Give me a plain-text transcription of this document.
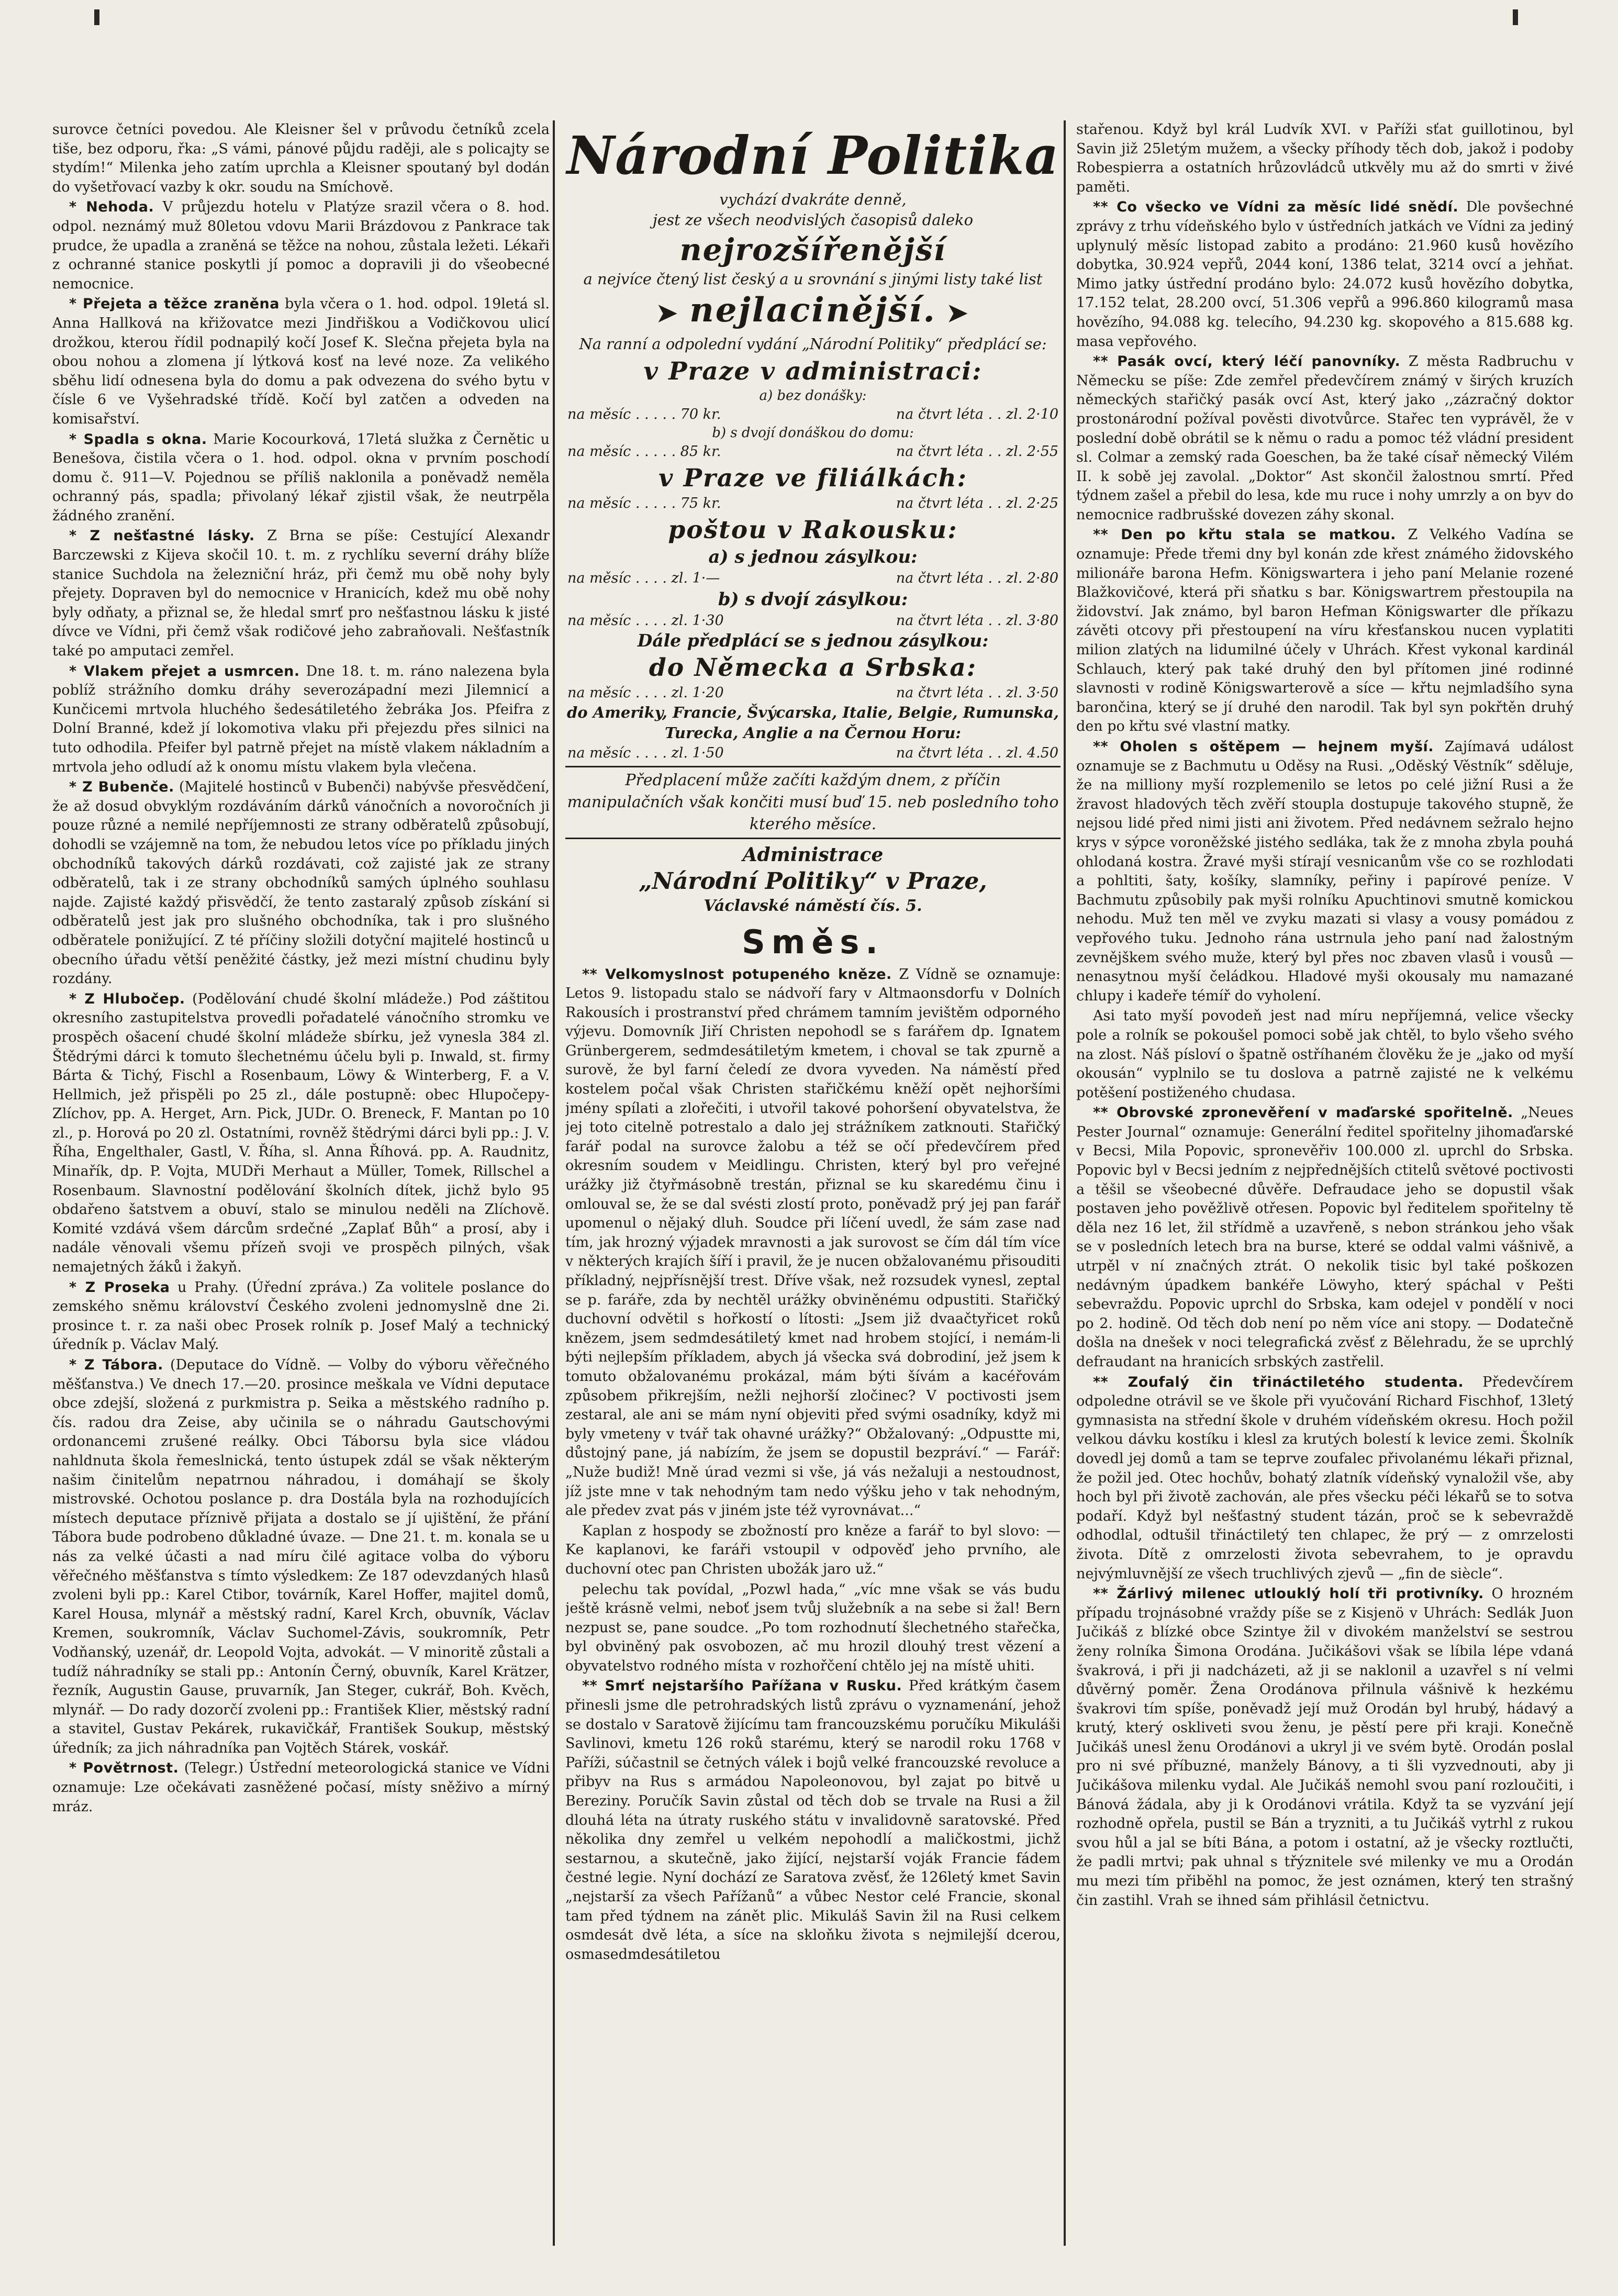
surovce četníci povedou. Ale Kleisner šel v průvodu četníků zcela tiše, bez odporu, řka: „S vámi, pánové půjdu raději, ale s policajty se stydím!“ Milenka jeho zatím uprchla a Kleisner spoutaný byl dodán do vyšetřovací vazby k okr. soudu na Smíchově.

* Nehoda. V průjezdu hotelu v Platýze srazil včera o 8. hod. odpol. neznámý muž 80letou vdovu Marii Brázdovou z Pankrace tak prudce, že upadla a zraněná se těžce na nohou, zůstala ležeti. Lékaři z ochranné stanice poskytli jí pomoc a dopravili ji do všeobecné nemocnice.

* Přejeta a těžce zraněna byla včera o 1. hod. odpol. 19letá sl. Anna Hallková na křižovatce mezi Jindřiškou a Vodičkovou ulicí drožkou, kterou řídil podnapilý kočí Josef K. Slečna přejeta byla na obou nohou a zlomena jí lýtková kosť na levé noze. Za velikého sběhu lidí odnesena byla do domu a pak odvezena do svého bytu v čísle 6 ve Vyšehradské třídě. Kočí byl zatčen a odveden na komisařství.

* Spadla s okna. Marie Kocourková, 17letá služka z Černětic u Benešova, čistila včera o 1. hod. odpol. okna v prvním poschodí domu č. 911—V. Pojednou se příliš naklonila a poněvadž neměla ochranný pás, spadla; přivolaný lékař zjistil však, že neutrpěla žádného zranění.

* Z nešťastné lásky. Z Brna se píše: Cestující Alexandr Barczewski z Kijeva skočil 10. t. m. z rychlíku severní dráhy blíže stanice Suchdola na železniční hráz, při čemž mu obě nohy byly přejety. Dopraven byl do nemocnice v Hranicích, kdež mu obě nohy byly odňaty, a přiznal se, že hledal smrť pro nešťastnou lásku k jisté dívce ve Vídni, při čemž však rodičové jeho zabraňovali. Nešťastník také po amputaci zemřel.

* Vlakem přejet a usmrcen. Dne 18. t. m. ráno nalezena byla poblíž strážního domku dráhy severozápadní mezi Jilemnicí a Kunčicemi mrtvola hluchého šedesátiletého žebráka Jos. Pfeifra z Dolní Branné, kdež jí lokomotiva vlaku při přejezdu přes silnici na tuto odhodila. Pfeifer byl patrně přejet na místě vlakem nákladním a mrtvola jeho odludí až k onomu místu vlakem byla vlečena.

* Z Bubenče. (Majitelé hostinců v Bubenči) nabývše přesvědčení, že až dosud obvyklým rozdáváním dárků vánočních a novoročních ji pouze různé a nemilé nepříjemnosti ze strany odběratelů způsobují, dohodli se vzájemně na tom, že nebudou letos více po příkladu jiných obchodníků takových dárků rozdávati, což zajisté jak ze strany odběratelů, tak i ze strany obchodníků samých úplného souhlasu najde. Zajisté každý přisvědčí, že tento zastaralý způsob získání si odběratelů jest jak pro slušného obchodníka, tak i pro slušného odběratele ponižující. Z té příčiny složili dotyční majitelé hostinců u obecního úřadu větší peněžité částky, jež mezi místní chudinu byly rozdány.

* Z Hlubočep. (Podělování chudé školní mládeže.) Pod záštitou okresního zastupitelstva provedli pořadatelé vánočního stromku ve prospěch ošacení chudé školní mládeže sbírku, jež vynesla 384 zl. Štědrými dárci k tomuto šlechetnému účelu byli p. Inwald, st. firmy Bárta & Tichý, Fischl a Rosenbaum, Löwy & Winterberg, F. a V. Hellmich, jež přispěli po 25 zl., dále postupně: obec Hlupočepy-Zlíchov, pp. A. Herget, Arn. Pick, JUDr. O. Breneck, F. Mantan po 10 zl., p. Horová po 20 zl. Ostatními, rovněž štědrými dárci byli pp.: J. V. Říha, Engelthaler, Gastl, V. Říha, sl. Anna Říhová. pp. A. Raudnitz, Minařík, dp. P. Vojta, MUDři Merhaut a Müller, Tomek, Rillschel a Rosenbaum. Slavnostní podělování školních dítek, jichž bylo 95 obdařeno šatstvem a obuví, stalo se minulou neděli na Zlíchově. Komité vzdává všem dárcům srdečné „Zaplať Bůh“ a prosí, aby i nadále věnovali všemu přízeň svoji ve prospěch pilných, však nemajetných žáků i žakyň.

* Z Proseka u Prahy. (Úřední zpráva.) Za volitele poslance do zemského sněmu království Českého zvoleni jednomyslně dne 2i. prosince t. r. za naši obec Prosek rolník p. Josef Malý a technický úředník p. Václav Malý.

* Z Tábora. (Deputace do Vídně. — Volby do výboru věřečného měšťanstva.) Ve dnech 17.—20. prosince meškala ve Vídni deputace obce zdejší, složená z purkmistra p. Seika a městského radního p. čís. radou dra Zeise, aby učinila se o náhradu Gautschovými ordonancemi zrušené reálky. Obci Táborsu byla sice vládou nahldnuta škola řemeslnická, tento ústupek zdál se však některým našim činitelům nepatrnou náhradou, i domáhají se školy mistrovské. Ochotou poslance p. dra Dostála byla na rozhodujících místech deputace příznivě přijata a dostalo se jí ujištění, že přání Tábora bude podrobeno důkladné úvaze. — Dne 21. t. m. konala se u nás za velké účasti a nad míru čilé agitace volba do výboru věřečného měšťanstva s tímto výsledkem: Ze 187 odevzdaných hlasů zvoleni byli pp.: Karel Ctibor, továrník, Karel Hoffer, majitel domů, Karel Housa, mlynář a městský radní, Karel Krch, obuvník, Václav Kremen, soukromník, Václav Suchomel-Závis, soukromník, Petr Vodňanský, uzenář, dr. Leopold Vojta, advokát. — V minoritě zůstali a tudíž náhradníky se stali pp.: Antonín Černý, obuvník, Karel Krätzer, řezník, Augustin Gause, pruvarník, Jan Steger, cukrář, Boh. Kvěch, mlynář. — Do rady dozorčí zvoleni pp.: František Klier, městský radní a stavitel, Gustav Pekárek, rukavičkář, František Soukup, městský úředník; za jich náhradníka pan Vojtěch Stárek, voskář.

* Povětrnost. (Telegr.) Ústřední meteorologická stanice ve Vídni oznamuje: Lze očekávati zasněžené počasí, místy sněživo a mírný mráz.

Národní Politika
vychází dvakráte denně,
jest ze všech neodvislých časopisů daleko
nejrozšířenější
a nejvíce čtený list český a u srovnání s jinými listy také list
➤ nejlacinější. ➤
Na ranní a odpolední vydání „Národní Politiky“ předplácí se:
v Praze v administraci:
a) bez donášky:
na měsíc . . . . . 70 kr.	na čtvrt léta . . zl. 2·10
b) s dvojí donáškou do domu:
na měsíc . . . . . 85 kr.	na čtvrt léta . . zl. 2·55
v Praze ve filiálkách:
na měsíc . . . . . 75 kr.	na čtvrt léta . . zl. 2·25
poštou v Rakousku:
a) s jednou zásylkou:
na měsíc . . . . zl. 1·—	na čtvrt léta . . zl. 2·80
b) s dvojí zásylkou:
na měsíc . . . . zl. 1·30	na čtvrt léta . . zl. 3·80
Dále předplácí se s jednou zásylkou:
do Německa a Srbska:
na měsíc . . . . zl. 1·20	na čtvrt léta . . zl. 3·50
do Ameriky, Francie, Švýcarska, Italie, Belgie, Rumunska, Turecka, Anglie a na Černou Horu:
na měsíc . . . . zl. 1·50	na čtvrt léta . . zl. 4.50
Předplacení může začíti každým dnem, z příčin manipulačních však končiti musí buď 15. neb posledního toho kterého měsíce.
Administrace
„Národní Politiky“ v Praze,
Václavské náměstí čís. 5.
Směs.

** Velkomyslnost potupeného kněze. Z Vídně se oznamuje: Letos 9. listopadu stalo se nádvoří fary v Altmaonsdorfu v Dolních Rakousích i prostranství před chrámem tamním jevištěm odporného výjevu. Domovník Jiří Christen nepohodl se s farářem dp. Ignatem Grünbergerem, sedmdesátiletým kmetem, i choval se tak zpurně a surově, že byl farní čeledí ze dvora vyveden. Na náměstí před kostelem počal však Christen stařičkému kněží opět nejhoršími jmény spílati a zlořečiti, i utvořil takové pohoršení obyvatelstva, že jej toto citelně potrestalo a dalo jej strážníkem zatknouti. Stařičký farář podal na surovce žalobu a též se očí předevčírem před okresním soudem v Meidlingu. Christen, který byl pro veřejné urážky již čtyřmásobně trestán, přiznal se ku skaredému činu i omlouval se, že se dal svésti zlostí proto, poněvadž prý jej pan farář upomenul o nějaký dluh. Soudce při líčení uvedl, že sám zase nad tím, jak hrozný výjadek mravnosti a jak surovost se čím dál tím více v některých krajích šíří i pravil, že je nucen obžalovanému přisouditi příkladný, nejpřísnější trest. Dříve však, než rozsudek vynesl, zeptal se p. faráře, zda by nechtěl urážky obviněnému odpustiti. Stařičký duchovní odvětil s hořkostí o lítosti: „Jsem již dvaačtyřicet roků knězem, jsem sedmdesátiletý kmet nad hrobem stojící, i nemám-li býti nejlepším příkladem, abych já všecka svá dobrodiní, jež jsem k tomuto obžalovanému prokázal, mám býti šívám a kacéřovám způsobem přikrejším, nežli nejhorší zločinec? V poctivosti jsem zestaral, ale ani se mám nyní objeviti před svými osadníky, když mi byly vmeteny v tvář tak ohavné urážky?“ Obžalovaný: „Odpustte mi, důstojný pane, já nabízím, že jsem se dopustil bezpráví.“ — Farář: „Nuže budiž! Mně úrad vezmi si vše, já vás nežaluji a nestoudnost, jíž jste mne v tak nehodným tam nedo výšku jeho v tak nehodným, ale předev zvat pás v jiném jste též vyrovnávat...“

Kaplan z hospody se zbožností pro kněze a farář to byl slovo: — Ke kaplanovi, ke faráři vstoupil v odpověď jeho prvního, ale duchovní otec pan Christen ubožák jaro už.“

pelechu tak povídal, „Pozwl hada,“ „víc mne však se vás budu ještě krásně velmi, neboť jsem tvůj služebník a na sebe si žal! Bern nezpust se, pane soudce. „Po tom rozhodnutí šlechetného stařečka, byl obviněný pak osvobozen, ač mu hrozil dlouhý trest vězení a obyvatelstvo rodného místa v rozhořčení chtělo jej na místě uhiti.

** Smrť nejstaršího Pařížana v Rusku. Před krátkým časem přinesli jsme dle petrohradských listů zprávu o vyznamenání, jehož se dostalo v Saratově žijícímu tam francouzskému poručíku Mikuláši Savlinovi, kmetu 126 roků starému, který se narodil roku 1768 v Paříži, súčastnil se četných válek i bojů velké francouzské revoluce a přibyv na Rus s armádou Napoleonovou, byl zajat po bitvě u Bereziny. Poručík Savin zůstal od těch dob se trvale na Rusi a žil dlouhá léta na útraty ruského státu v invalidovně saratovské. Před několika dny zemřel u velkém nepohodlí a maličkostmi, jichž sestarnou, a skutečně, jako žijící, nejstarší voják Francie fádem čestné legie. Nyní dochází ze Saratova zvěsť, že 126letý kmet Savin „nejstarší za všech Pařížanů“ a vůbec Nestor celé Francie, skonal tam před týdnem na zánět plic. Mikuláš Savin žil na Rusi celkem osmdesát dvě léta, a síce na skloňku života s nejmilejší dcerou, osmasedmdesátiletou

stařenou. Když byl král Ludvík XVI. v Paříži sťat guillotinou, byl Savin již 25letým mužem, a všecky příhody těch dob, jakož i podoby Robespierra a ostatních hrůzovládců utkvěly mu až do smrti v živé paměti.

** Co všecko ve Vídni za měsíc lidé snědí. Dle povšechné zprávy z trhu vídeňského bylo v ústředních jatkách ve Vídni za jediný uplynulý měsíc listopad zabito a prodáno: 21.960 kusů hovězího dobytka, 30.924 vepřů, 2044 koní, 1386 telat, 3214 ovcí a jehňat. Mimo jatky ústřední prodáno bylo: 24.072 kusů hovězího dobytka, 17.152 telat, 28.200 ovcí, 51.306 vepřů a 996.860 kilogramů masa hovězího, 94.088 kg. telecího, 94.230 kg. skopového a 815.688 kg. masa vepřového.

** Pasák ovcí, který léčí panovníky. Z města Radbruchu v Německu se píše: Zde zemřel předevčírem známý v širých kruzích německých stařičký pasák ovcí Ast, který jako ,,zázračný doktor prostonárodní požíval pověsti divotvůrce. Stařec ten vyprávěl, že v poslední době obrátil se k němu o radu a pomoc též vládní president sl. Colmar a zemský rada Goeschen, ba že také císař německý Vilém II. k sobě jej zavolal. „Doktor“ Ast skončil žalostnou smrtí. Před týdnem zašel a přebil do lesa, kde mu ruce i nohy umrzly a on byv do nemocnice radbrušské dovezen záhy skonal.

** Den po křtu stala se matkou. Z Velkého Vadína se oznamuje: Přede třemi dny byl konán zde křest známého židovského milionáře barona Hefm. Königswartera i jeho paní Melanie rozené Blažkovičové, která při sňatku s bar. Königswartrem přestoupila na židovství. Jak známo, byl baron Hefman Königswarter dle příkazu závěti otcovy při přestoupení na víru křesťanskou nucen vyplatiti milion zlatých na lidumilné účely v Uhrách. Křest vykonal kardinál Schlauch, který pak také druhý den byl přítomen jiné rodinné slavnosti v rodině Königswarterově a síce — křtu nejmladšího syna barončina, který se jí druhé den narodil. Tak byl syn pokřtěn druhý den po křtu své vlastní matky.

** Oholen s oštěpem — hejnem myší. Zajímavá událost oznamuje se z Bachmutu u Oděsy na Rusi. „Oděský Věstník“ sděluje, že na milliony myší rozplemenilo se letos po celé jižní Rusi a že žravost hladových těch zvěří stoupla dostupuje takového stupně, že nejsou lidé před nimi jisti ani životem. Před nedávnem sežralo hejno krys v sýpce voroněžské jistého sedláka, tak že z mnoha zbyla pouhá ohlodaná kostra. Žravé myši stírají vesnicanům vše co se rozhlodati a pohltiti, šaty, košíky, slamníky, peřiny i papírové peníze. V Bachmutu způsobily pak myši rolníku Apuchtinovi smutně komickou nehodu. Muž ten měl ve zvyku mazati si vlasy a vousy pomádou z vepřového tuku. Jednoho rána ustrnula jeho paní nad žalostným zevnějškem svého muže, který byl přes noc zbaven vlasů i vousů — nenasytnou myší čeládkou. Hladové myši okousaly mu namazané chlupy i kadeře témíř do vyholení.

Asi tato myší povodeň jest nad míru nepříjemná, velice všecky pole a rolník se pokoušel pomoci sobě jak chtěl, to bylo všeho svého na zlost. Náš písloví o špatně ostříhaném člověku že je „jako od myší okousán“ vyplnilo se tu doslova a patrně zajisté ne k velkému potěšení postiženého chudasa.

** Obrovské zpronevěření v maďarské spořitelně. „Neues Pester Journal“ oznamuje: Generální ředitel spořitelny jihomaďarské v Becsi, Mila Popovic, spronevěřiv 100.000 zl. uprchl do Srbska. Popovic byl v Becsi jedním z nejpřednějších ctitelů světové poctivosti a těšil se všeobecné důvěře. Defraudace jeho se dopustil však postaven jeho pověžlivě otřesen. Popovic byl ředitelem spořitelny tě děla nez 16 let, žil střídmě a uzavřeně, s nebon stránkou jeho však se v posledních letech bra na burse, které se oddal valmi vášnivě, a utrpěl v ní značných ztrát. O nekolik tisic byl také poškozen nedávným úpadkem bankéře Löwyho, který spáchal v Pešti sebevraždu. Popovic uprchl do Srbska, kam odejel v pondělí v noci po 2. hodině. Od těch dob není po něm více ani stopy. — Dodatečně došla na dnešek v noci telegrafická zvěsť z Bělehradu, že se uprchlý defraudant na hranicích srbských zastřelil.

** Zoufalý čin třináctiletého studenta. Předevčírem odpoledne otrávil se ve škole při vyučování Richard Fischhof, 13letý gymnasista na střední škole v druhém vídeňském okresu. Hoch požil velkou dávku kostíku i klesl za krutých bolestí k levice zemi. Školník dovedl jej domů a tam se teprve zoufalec přivolanému lékaři přiznal, že požil jed. Otec hochův, bohatý zlatník vídeňský vynaložil vše, aby hoch byl při životě zachován, ale přes všecku péči lékařů se to sotva podaří. Když byl nešťastný student tázán, proč se k sebevraždě odhodlal, odtušil třináctiletý ten chlapec, že prý — z omrzelosti života. Dítě z omrzelosti života sebevrahem, to je opravdu nejvýmluvnější ze všech truchlivých zjevů — „fin de siècle“.

** Žárlivý milenec utlouklý holí tři protivníky. O hrozném případu trojnásobné vraždy píše se z Kisjenö v Uhrách: Sedlák Juon Jučikáš z blízké obce Szintye žil v divokém manželství se sestrou ženy rolníka Šimona Orodána. Jučikášovi však se líbila lépe vdaná švakrová, i při ji nadcházeti, až ji se naklonil a uzavřel s ní velmi důvěrný poměr. Žena Orodánova přilnula vášnivě k hezkému švakrovi tím spíše, poněvadž její muž Orodán byl hrubý, hádavý a krutý, který oskliveti svou ženu, je pěstí pere při kraji. Konečně Jučikáš unesl ženu Orodánovi a ukryl ji ve svém bytě. Orodán poslal pro ni své příbuzné, manžely Bánovy, a ti šli vyzvednouti, aby ji Jučikášova milenku vydal. Ale Jučikáš nemohl svou paní rozloučiti, i Bánová žádala, aby ji k Orodánovi vrátila. Když ta se vyzvání její rozhodně opřela, pustil se Bán a tryzniti, a tu Jučikáš vytrhl z rukou svou hůl a jal se bíti Bána, a potom i ostatní, až je všecky roztlučti, že padli mrtvi; pak uhnal s třýznitele své milenky ve mu a Orodán mu mezi tím přiběhl na pomoc, že jest oznámen, který ten strašný čin zastihl. Vrah se ihned sám přihlásil četnictvu.
